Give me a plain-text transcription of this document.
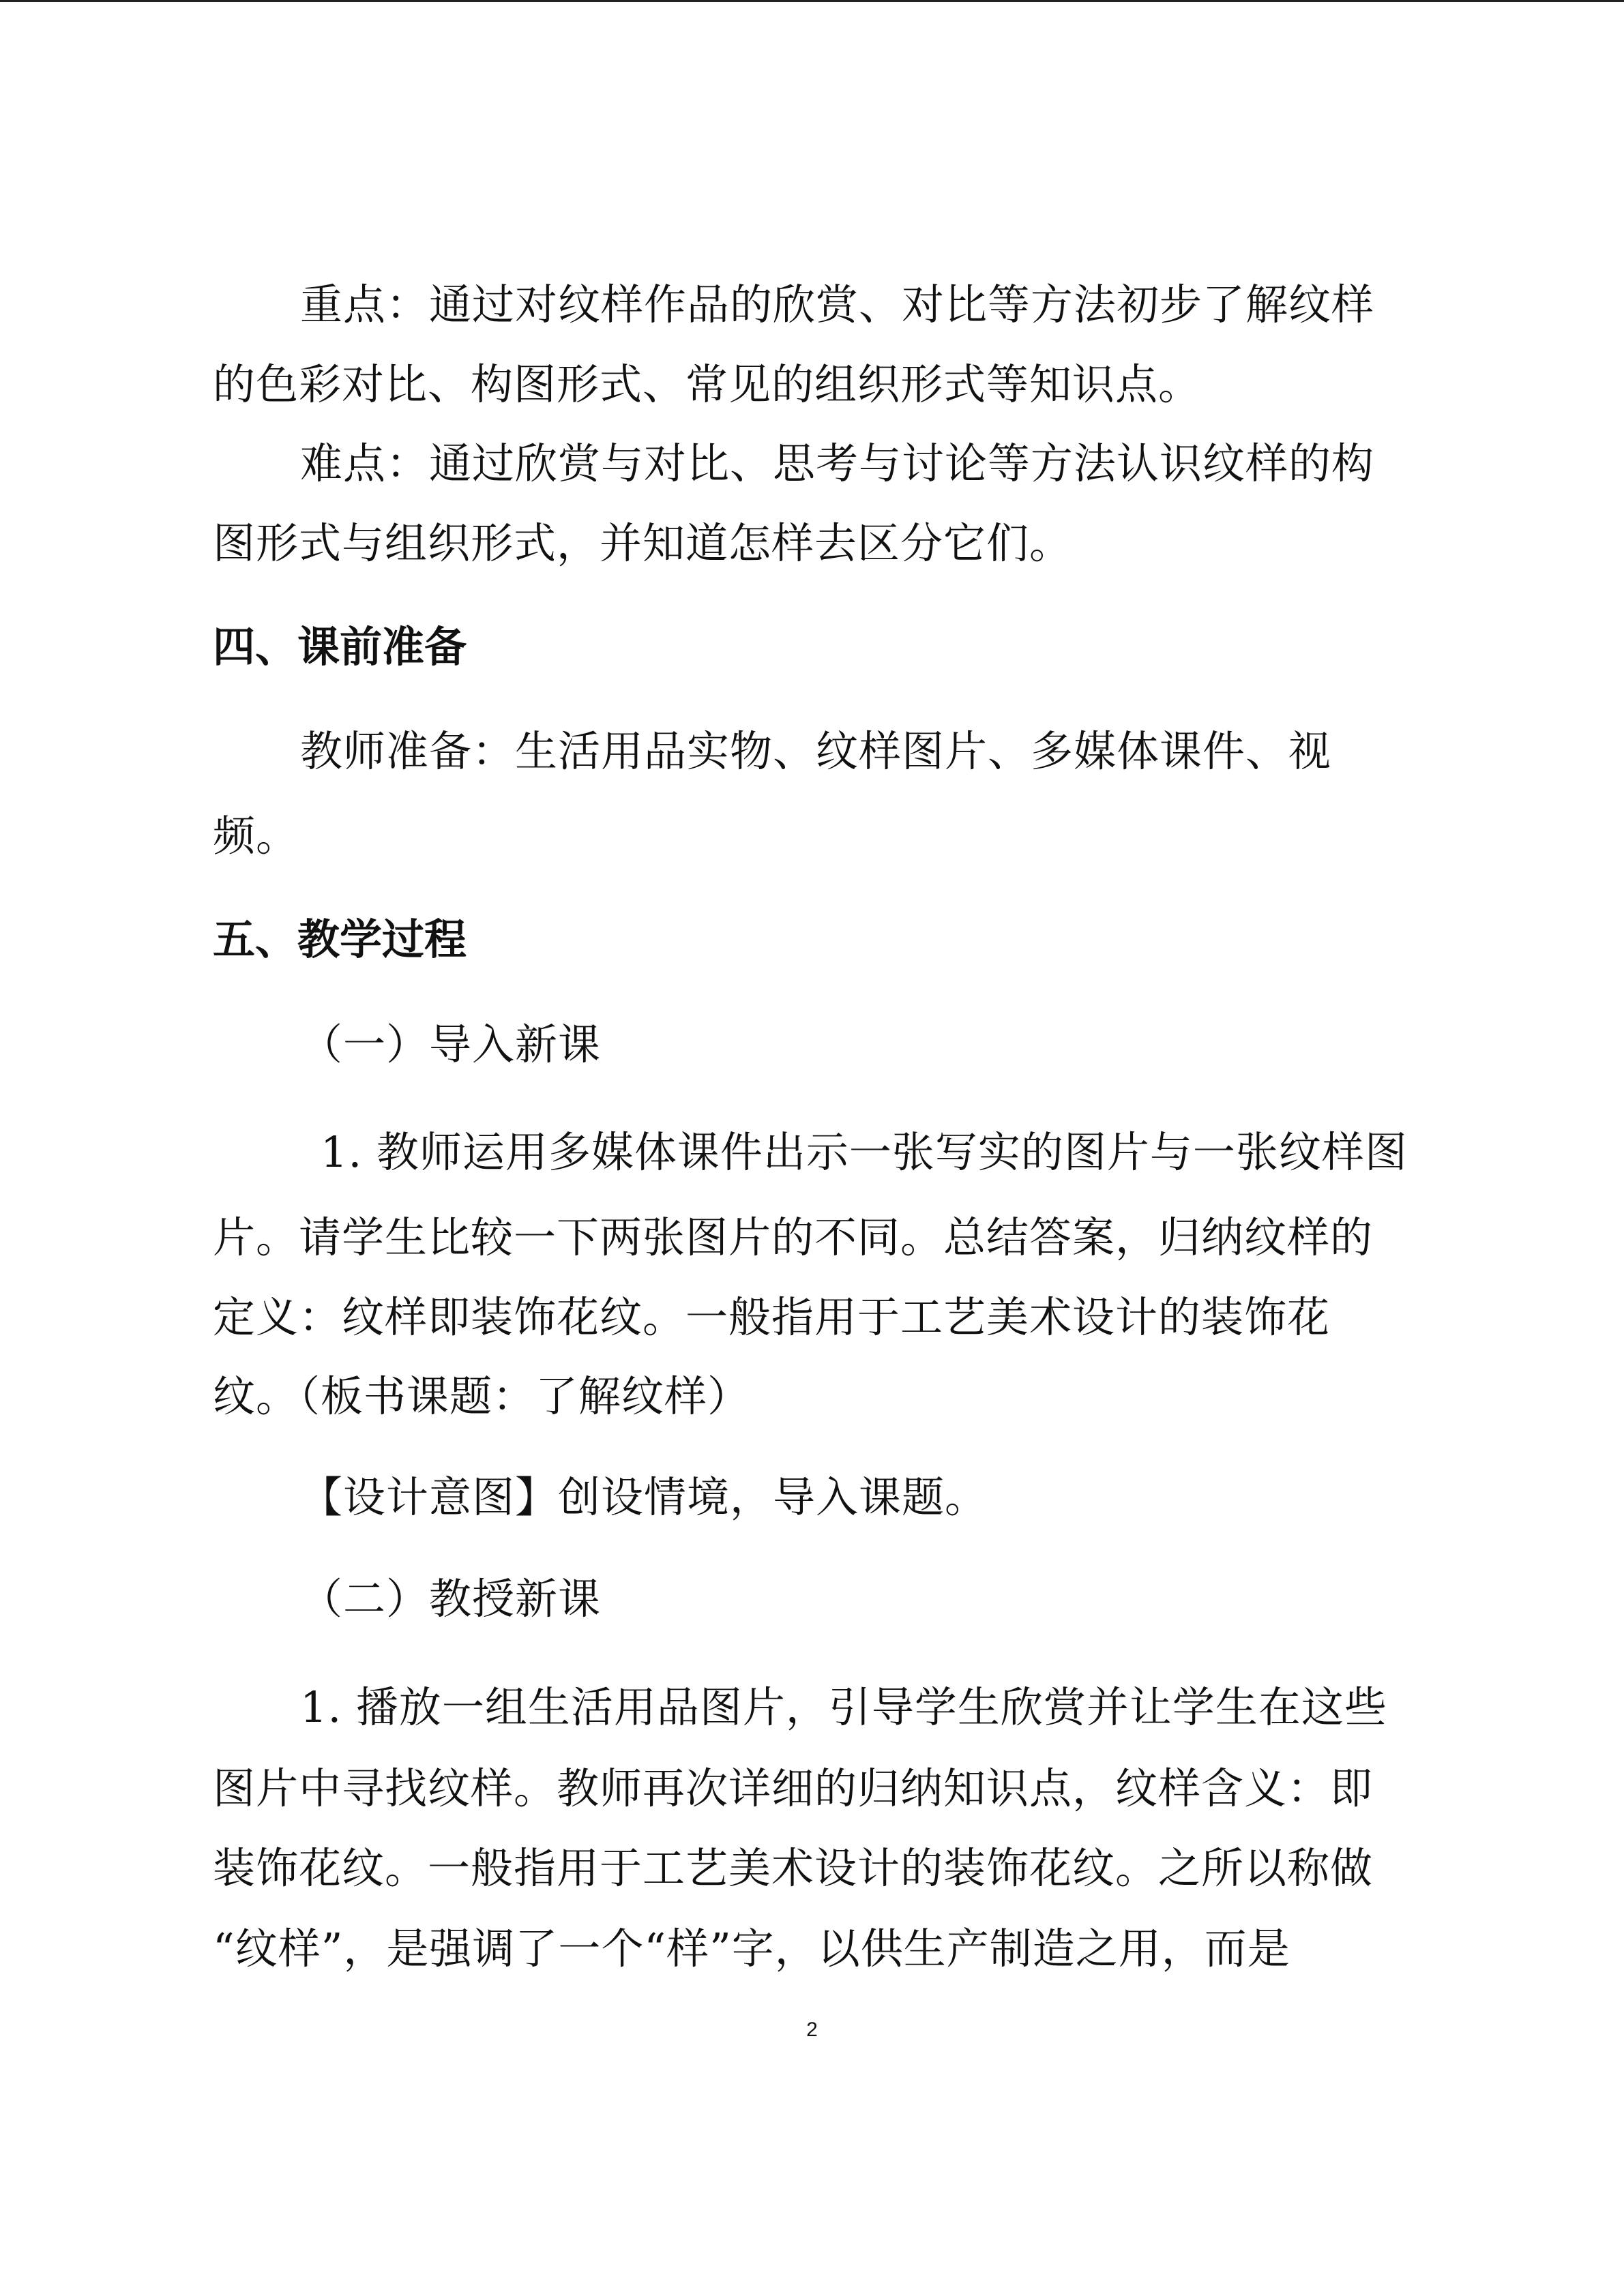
重点：通过对纹样作品的欣赏、对比等方法初步了解纹样

的色彩对比、构图形式、常见的组织形式等知识点。

难点：通过欣赏与对比、思考与讨论等方法认识纹样的构

图形式与组织形式，并知道怎样去区分它们。

四、课前准备

教师准备：生活用品实物、纹样图片、多媒体课件、视

频。

五、教学过程

（一）导入新课

1. 教师运用多媒体课件出示一张写实的图片与一张纹样图

片。请学生比较一下两张图片的不同。总结答案，归纳纹样的

定义：纹样即装饰花纹。一般指用于工艺美术设计的装饰花

纹。（板书课题：了解纹样）

【设计意图】创设情境，导入课题。

（二）教授新课

1. 播放一组生活用品图片，引导学生欣赏并让学生在这些

图片中寻找纹样。教师再次详细的归纳知识点，纹样含义：即

装饰花纹。一般指用于工艺美术设计的装饰花纹。之所以称做

“纹样”，是强调了一个“样”字，以供生产制造之用，而是

2
